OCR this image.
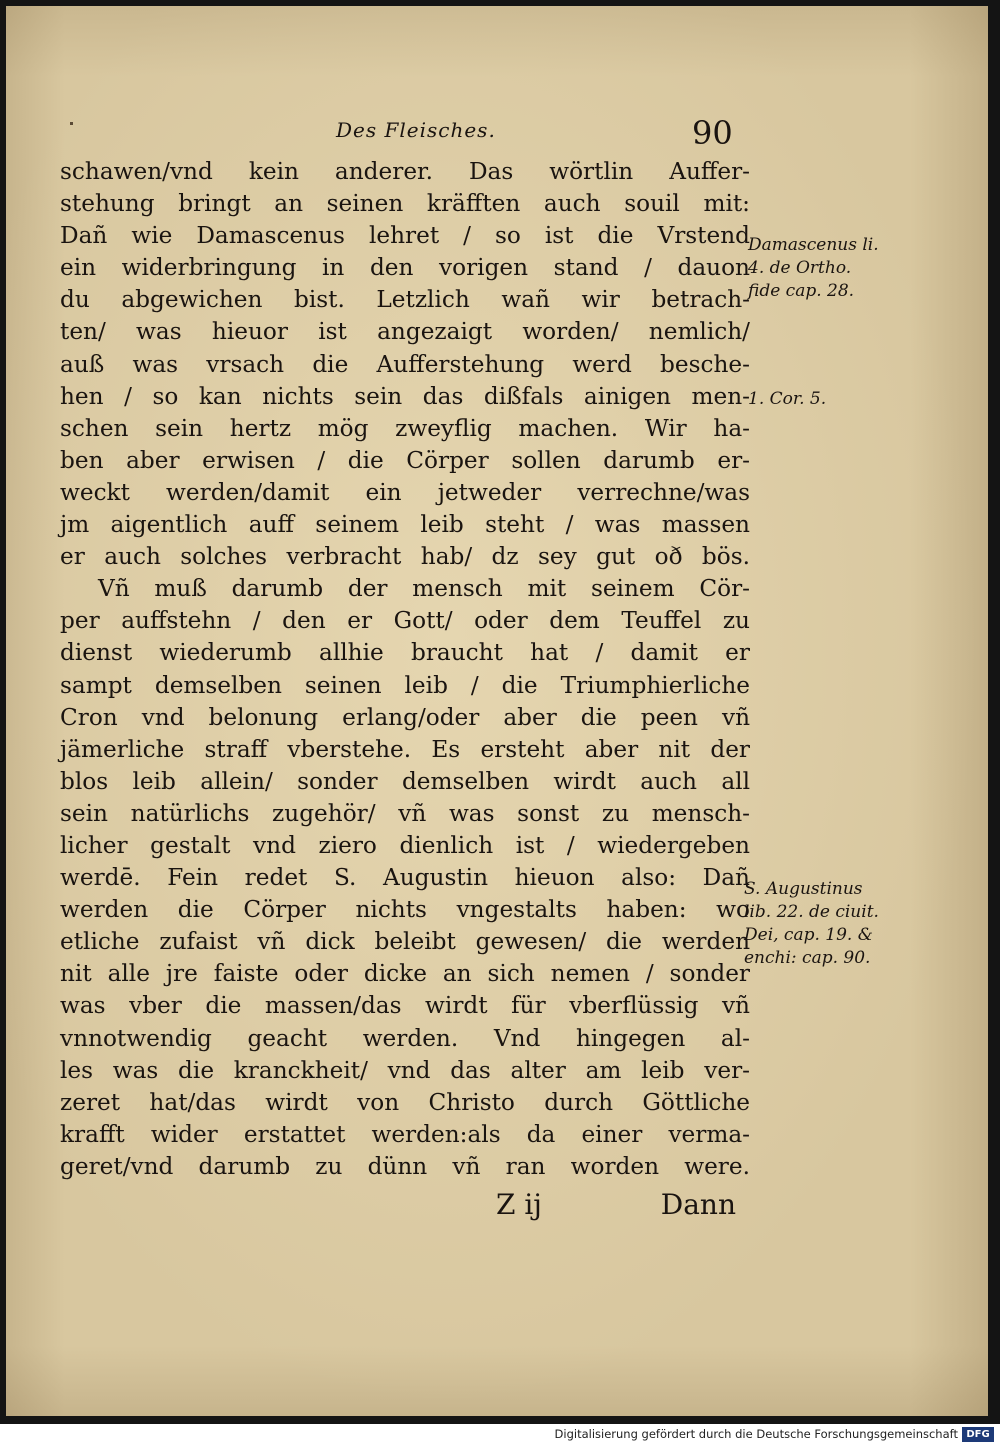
Des Fleisches.	90
schawen/vnd kein anderer. Das wörtlin Auffer-
stehung bringt an seinen kräfften auch souil mit:
Dañ wie Damascenus lehret / so ist die Vrstend
ein widerbringung in den vorigen stand / dauon
du abgewichen bist. Letzlich wañ wir betrach-
ten/ was hieuor ist angezaigt worden/ nemlich/
auß was vrsach die Aufferstehung werd besche-
hen / so kan nichts sein das dißfals ainigen men-
schen sein hertz mög zweyflig machen. Wir ha-
ben aber erwisen / die Cörper sollen darumb er-
weckt werden/damit ein jetweder verrechne/was
jm aigentlich auff seinem leib steht / was massen
er auch solches verbracht hab/ dz sey gut oð bös.
Vñ muß darumb der mensch mit seinem Cör-
per auffstehn / den er Gott/ oder dem Teuffel zu
dienst wiederumb allhie braucht hat / damit er
sampt demselben seinen leib / die Triumphierliche
Cron vnd belonung erlang/oder aber die peen vñ
jämerliche straff vberstehe. Es ersteht aber nit der
blos leib allein/ sonder demselben wirdt auch all
sein natürlichs zugehör/ vñ was sonst zu mensch-
licher gestalt vnd ziero dienlich ist / wiedergeben
werdē. Fein redet S. Augustin hieuon also: Dañ
werden die Cörper nichts vngestalts haben: wo
etliche zufaist vñ dick beleibt gewesen/ die werden
nit alle jre faiste oder dicke an sich nemen / sonder
was vber die massen/das wirdt für vberflüssig vñ
vnnotwendig geacht werden. Vnd hingegen al-
les was die kranckheit/ vnd das alter am leib ver-
zeret hat/das wirdt von Christo durch Göttliche
krafft wider erstattet werden:als da einer verma-
geret/vnd darumb zu dünn vñ ran worden were.
Damascenus li.
4. de Ortho.
fide cap. 28.
1. Cor. 5.
S. Augustinus
lib. 22. de ciuit.
Dei, cap. 19. &
enchi: cap. 90.
Z ij	Dann
Digitalisierung gefördert durch die Deutsche Forschungsgemeinschaft DFG
